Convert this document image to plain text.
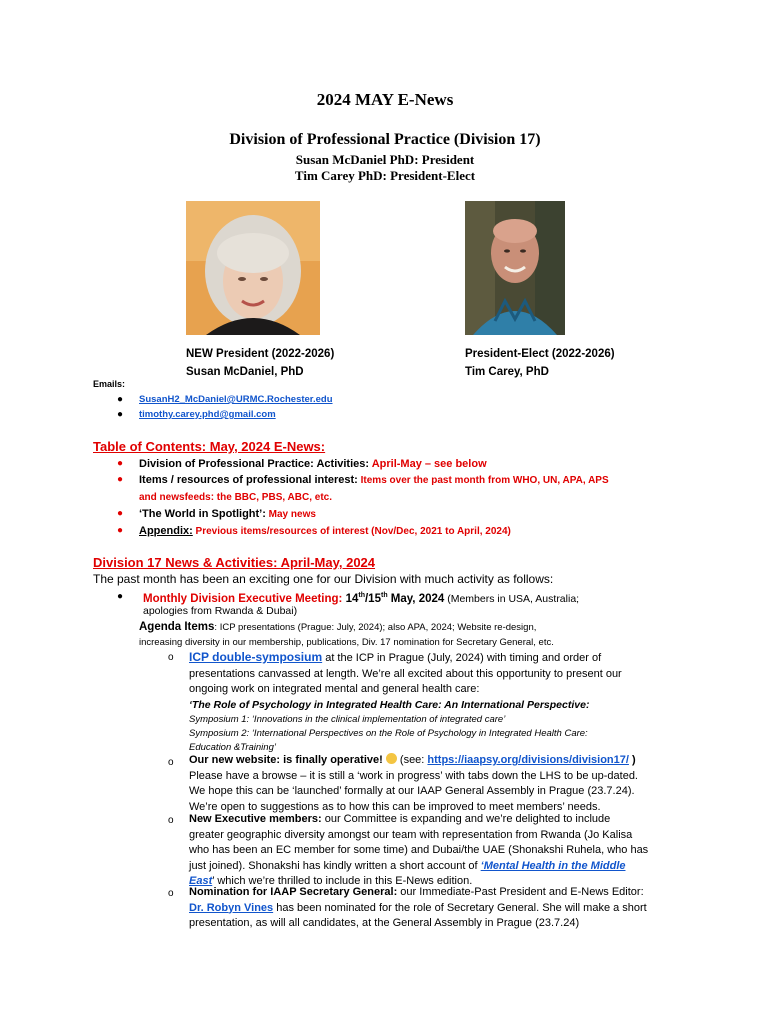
2024 MAY E-News
Division of Professional Practice (Division 17)
Susan McDaniel PhD: President
Tim Carey PhD: President-Elect
NEW President (2022-2026)
Susan McDaniel, PhD
President-Elect (2022-2026)
Tim Carey, PhD
Emails:
● SusanH2_McDaniel@URMC.Rochester.edu
● timothy.carey.phd@gmail.com
Table of Contents: May, 2024 E-News:
● Division of Professional Practice: Activities: April-May – see below
● Items / resources of professional interest: Items over the past month from WHO, UN, APA, APS
and newsfeeds: the BBC, PBS, ABC, etc.
● ‘The World in Spotlight’: May news
● Appendix: Previous items/resources of interest (Nov/Dec, 2021 to April, 2024)
Division 17 News & Activities: April-May, 2024
The past month has been an exciting one for our Division with much activity as follows:
● Monthly Division Executive Meeting: 14th/15th May, 2024 (Members in USA, Australia;
apologies from Rwanda & Dubai)
Agenda Items: ICP presentations (Prague: July, 2024); also APA, 2024; Website re-design,
increasing diversity in our membership, publications, Div. 17 nomination for Secretary General, etc.
o ICP double-symposium at the ICP in Prague (July, 2024) with timing and order of
presentations canvassed at length. We’re all excited about this opportunity to present our
ongoing work on integrated mental and general health care:
‘The Role of Psychology in Integrated Health Care: An International Perspective:
Symposium 1: ‘Innovations in the clinical implementation of integrated care’
Symposium 2: ‘International Perspectives on the Role of Psychology in Integrated Health Care:
Education &Training’
o Our new website: is finally operative!  (see: https://iaapsy.org/divisions/division17/ )
Please have a browse – it is still a ‘work in progress’ with tabs down the LHS to be up-dated.
We hope this can be ‘launched’ formally at our IAAP General Assembly in Prague (23.7.24).
We’re open to suggestions as to how this can be improved to meet members’ needs.
o New Executive members: our Committee is expanding and we’re delighted to include
greater geographic diversity amongst our team with representation from Rwanda (Jo Kalisa
who has been an EC member for some time) and Dubai/the UAE (Shonakshi Ruhela, who has
just joined). Shonakshi has kindly written a short account of ‘Mental Health in the Middle
East’ which we’re thrilled to include in this E-News edition.
o Nomination for IAAP Secretary General: our Immediate-Past President and E-News Editor:
Dr. Robyn Vines has been nominated for the role of Secretary General. She will make a short
presentation, as will all candidates, at the General Assembly in Prague (23.7.24)
